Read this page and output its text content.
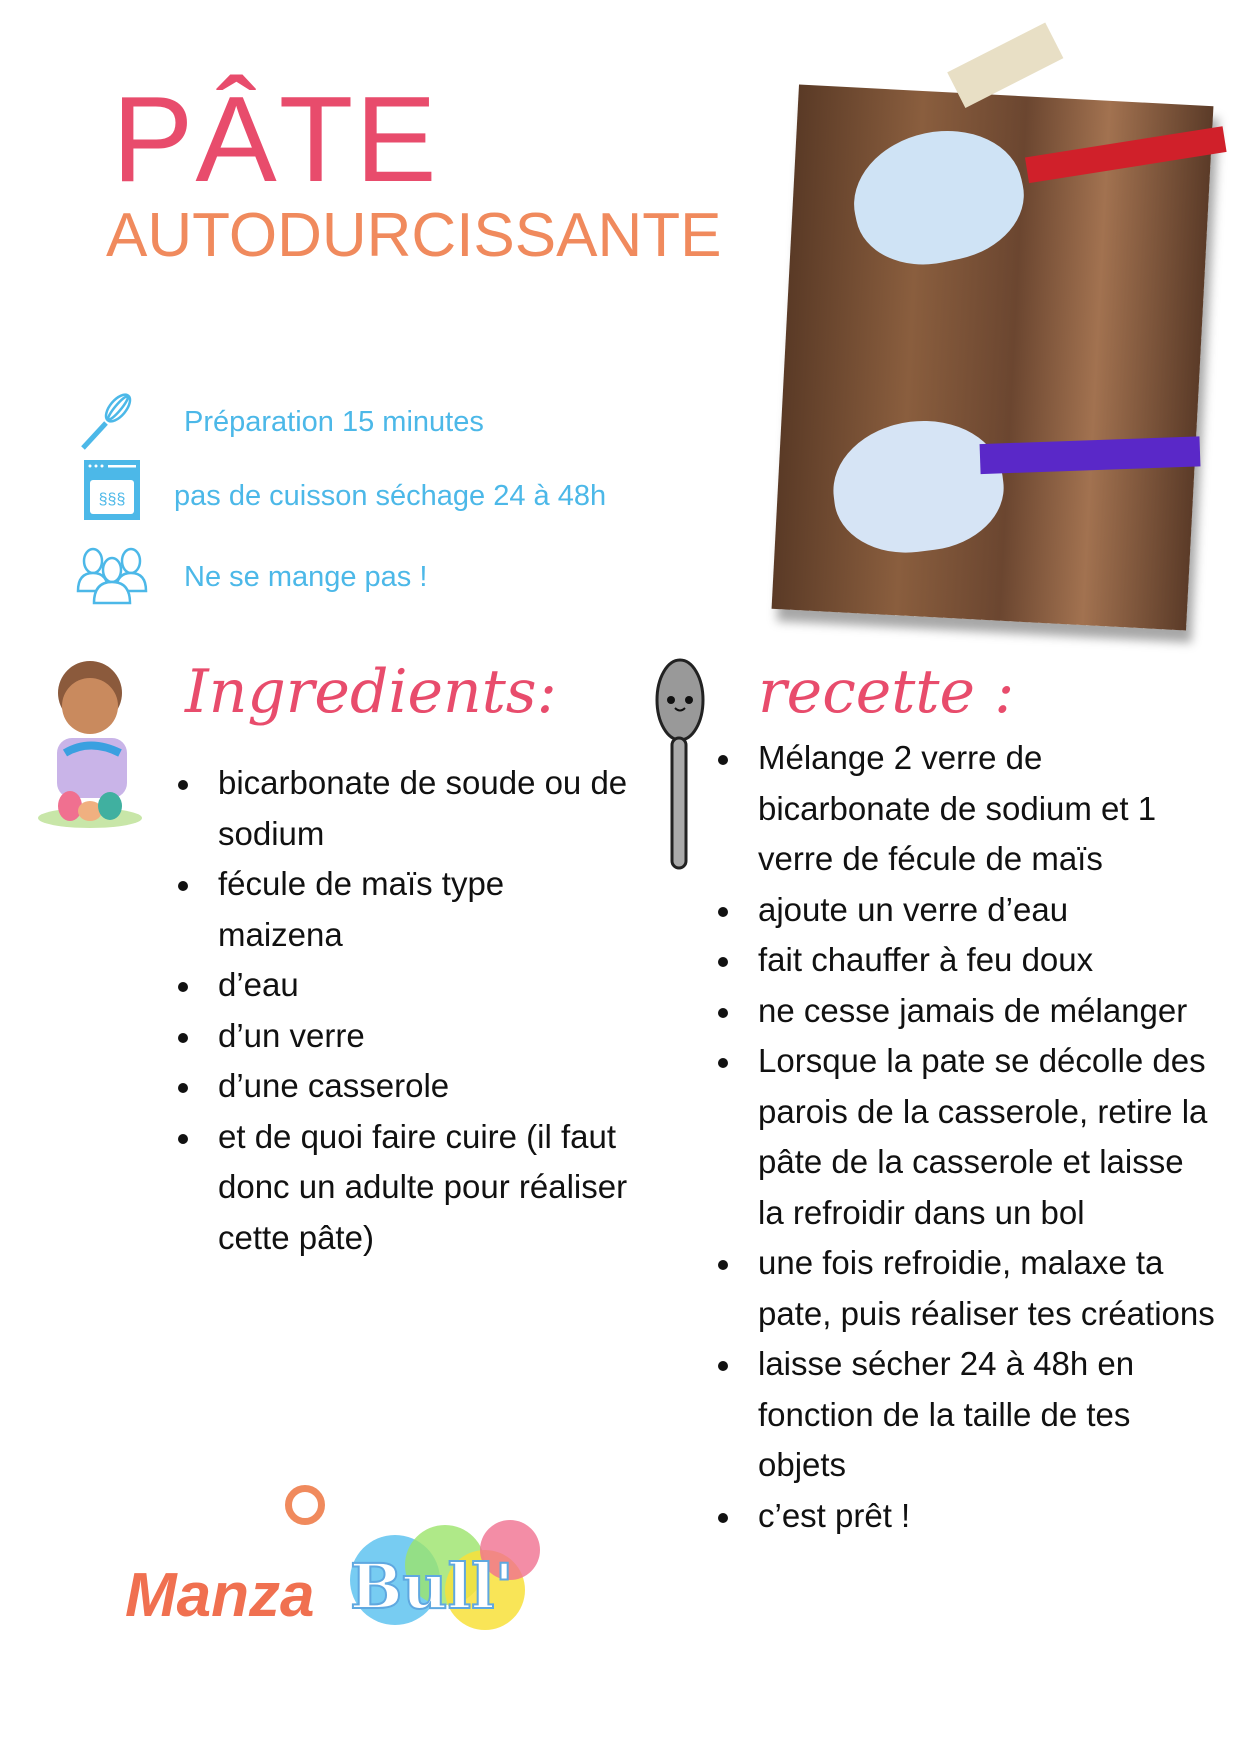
PÂTE
AUTODURCISSANTE
Préparation 15 minutes
§§§ pas de cuisson séchage 24 à 48h
Ne se mange pas !
Ingredients:
bicarbonate de soude ou de sodium
fécule de maïs type maizena
d’eau
d’un verre
d’une casserole
et de quoi faire cuire (il faut donc un adulte pour réaliser cette pâte)
recette :
Mélange 2 verre de bicarbonate de sodium et 1 verre de fécule de maïs
ajoute un verre d’eau
fait chauffer à feu doux
ne cesse jamais de mélanger
Lorsque la pate se décolle des parois de la casserole, retire la pâte de la casserole et laisse la refroidir dans un bol
une fois refroidie, malaxe ta pate, puis réaliser tes créations
laisse sécher 24 à 48h en fonction de la taille de tes objets
c’est prêt !
Manza Bull'
